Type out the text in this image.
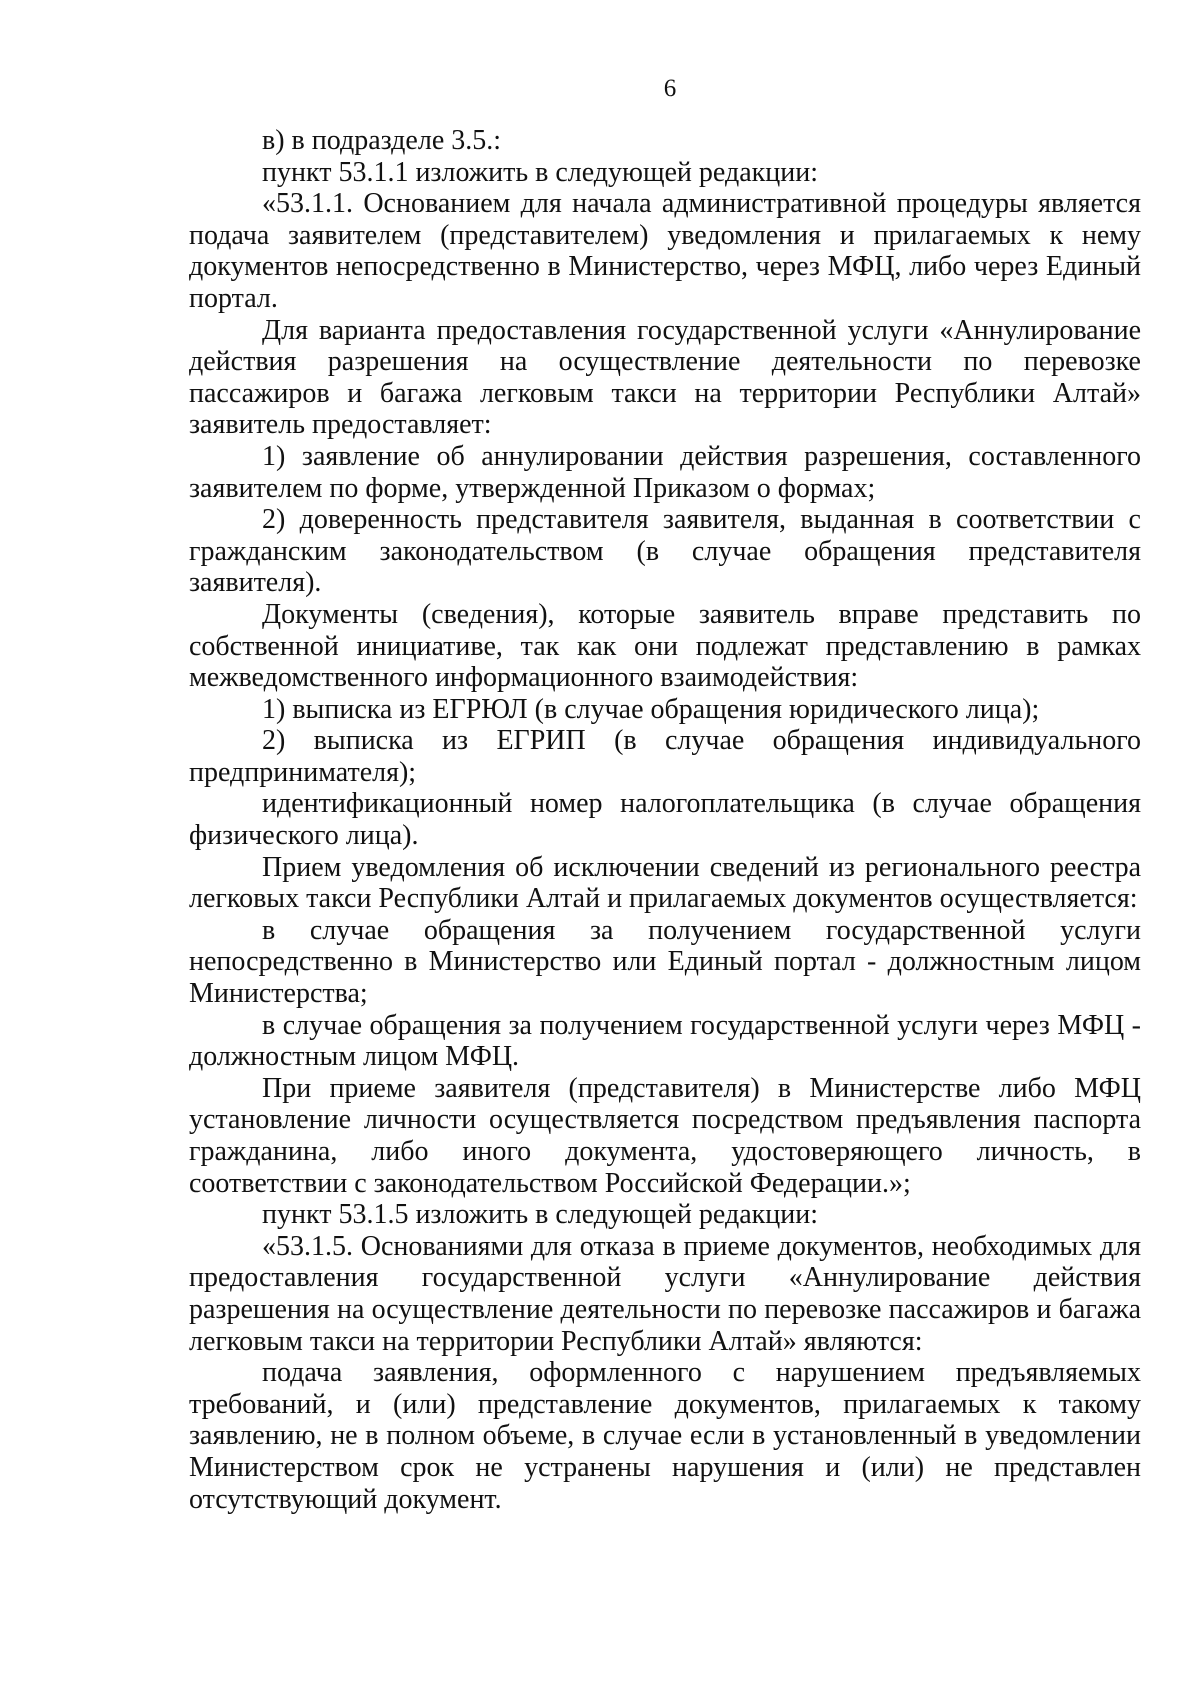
6

в) в подразделе 3.5.:

пункт 53.1.1 изложить в следующей редакции:

«53.1.1. Основанием для начала административной процедуры является подача заявителем (представителем) уведомления и прилагаемых к нему документов непосредственно в Министерство, через МФЦ, либо через Единый портал.

Для варианта предоставления государственной услуги «Аннулирование действия разрешения на осуществление деятельности по перевозке пассажиров и багажа легковым такси на территории Республики Алтай» заявитель предоставляет:

1) заявление об аннулировании действия разрешения, составленного заявителем по форме, утвержденной Приказом о формах;

2) доверенность представителя заявителя, выданная в соответствии с гражданским законодательством (в случае обращения представителя заявителя).

Документы (сведения), которые заявитель вправе представить по собственной инициативе, так как они подлежат представлению в рамках межведомственного информационного взаимодействия:

1) выписка из ЕГРЮЛ (в случае обращения юридического лица);

2) выписка из ЕГРИП (в случае обращения индивидуального предпринимателя);

идентификационный номер налогоплательщика (в случае обращения физического лица).

Прием уведомления об исключении сведений из регионального реестра легковых такси Республики Алтай и прилагаемых документов осуществляется:

в случае обращения за получением государственной услуги непосредственно в Министерство или Единый портал - должностным лицом Министерства;

в случае обращения за получением государственной услуги через МФЦ - должностным лицом МФЦ.

При приеме заявителя (представителя) в Министерстве либо МФЦ установление личности осуществляется посредством предъявления паспорта гражданина, либо иного документа, удостоверяющего личность, в соответствии с законодательством Российской Федерации.»;

пункт 53.1.5 изложить в следующей редакции:

«53.1.5. Основаниями для отказа в приеме документов, необходимых для предоставления государственной услуги «Аннулирование действия разрешения на осуществление деятельности по перевозке пассажиров и багажа легковым такси на территории Республики Алтай» являются:

подача заявления, оформленного с нарушением предъявляемых требований, и (или) представление документов, прилагаемых к такому заявлению, не в полном объеме, в случае если в установленный в уведомлении Министерством срок не устранены нарушения и (или) не представлен отсутствующий документ.
